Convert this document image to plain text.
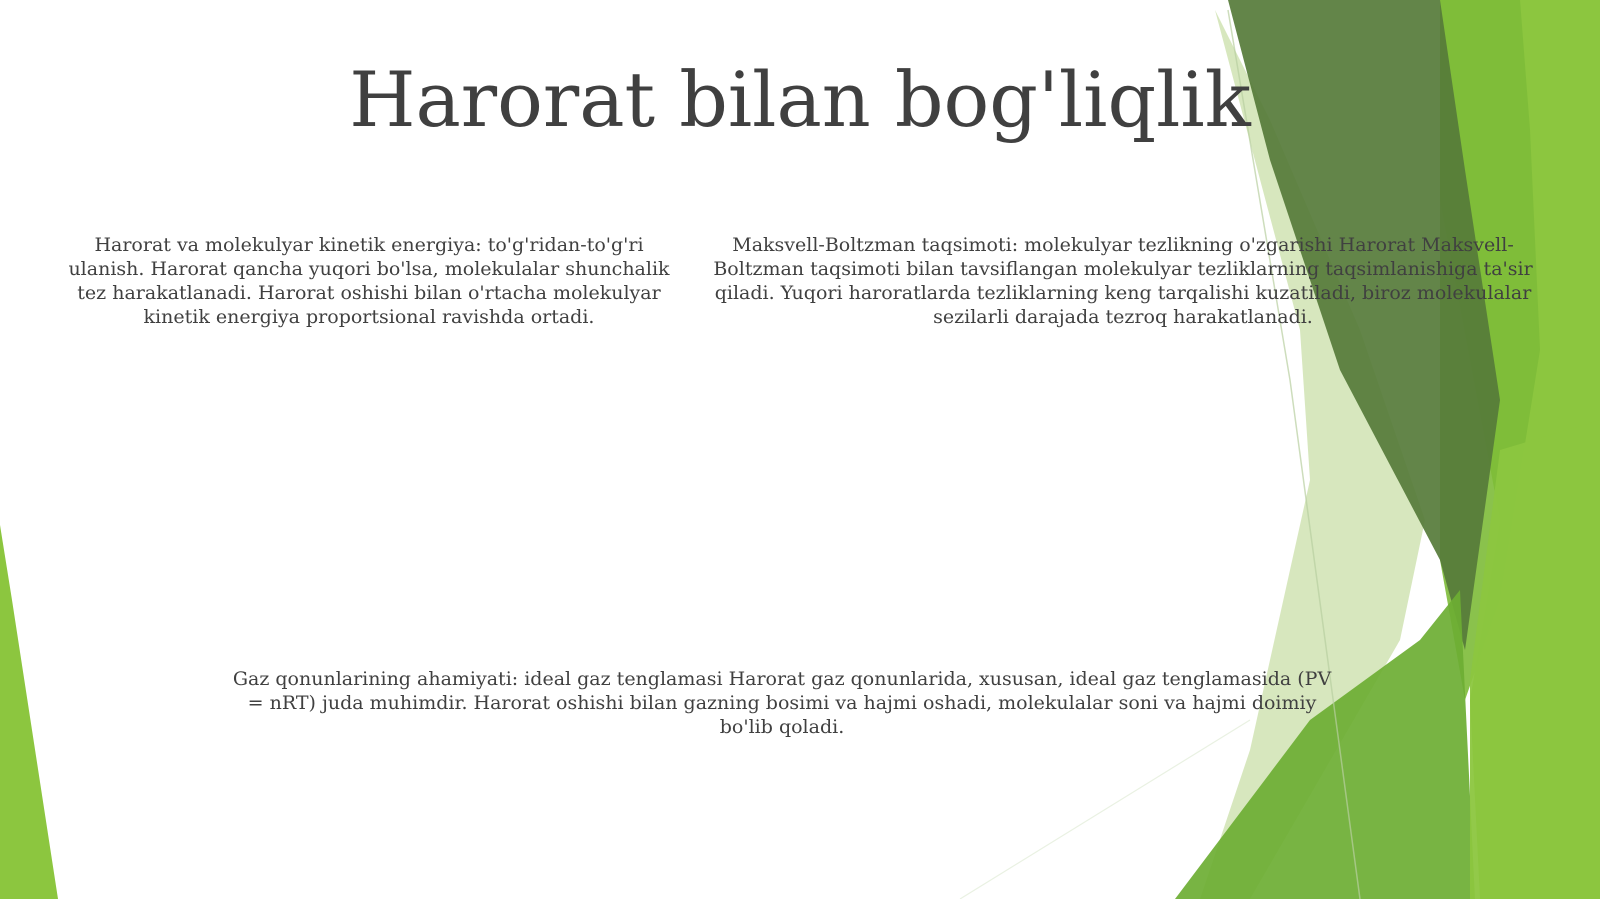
Harorat bilan bog'liqlik

Harorat va molekulyar kinetik energiya: to'g'ridan-to'g'ri ulanish. Harorat qancha yuqori bo'lsa, molekulalar shunchalik tez harakatlanadi. Harorat oshishi bilan o'rtacha molekulyar kinetik energiya proportsional ravishda ortadi.

Maksvell-Boltzman taqsimoti: molekulyar tezlikning o'zgarishi Harorat Maksvell-Boltzman taqsimoti bilan tavsiflangan molekulyar tezliklarning taqsimlanishiga ta'sir qiladi. Yuqori haroratlarda tezliklarning keng tarqalishi kuzatiladi, biroz molekulalar sezilarli darajada tezroq harakatlanadi.

Gaz qonunlarining ahamiyati: ideal gaz tenglamasi Harorat gaz qonunlarida, xususan, ideal gaz tenglamasida (PV = nRT) juda muhimdir. Harorat oshishi bilan gazning bosimi va hajmi oshadi, molekulalar soni va hajmi doimiy bo'lib qoladi.
